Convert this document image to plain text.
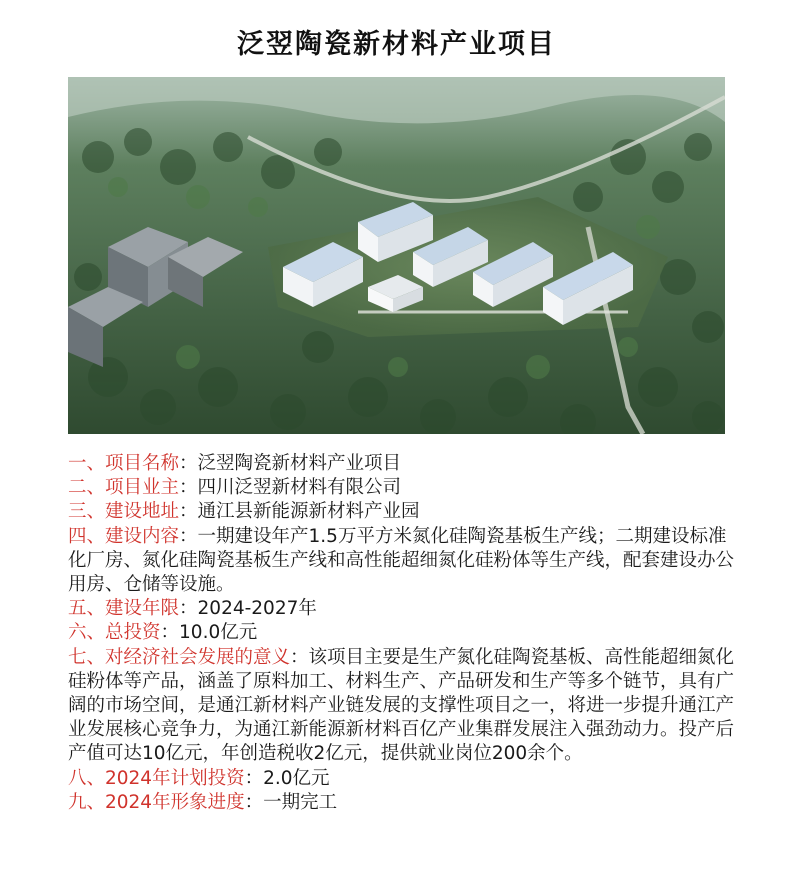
泛翌陶瓷新材料产业项目

一、项目名称：泛翌陶瓷新材料产业项目

二、项目业主：四川泛翌新材料有限公司

三、建设地址：通江县新能源新材料产业园

四、建设内容：一期建设年产1.5万平方米氮化硅陶瓷基板生产线；二期建设标准化厂房、氮化硅陶瓷基板生产线和高性能超细氮化硅粉体等生产线，配套建设办公用房、仓储等设施。

五、建设年限：2024-2027年

六、总投资：10.0亿元

七、对经济社会发展的意义：该项目主要是生产氮化硅陶瓷基板、高性能超细氮化硅粉体等产品，涵盖了原料加工、材料生产、产品研发和生产等多个链节，具有广阔的市场空间，是通江新材料产业链发展的支撑性项目之一，将进一步提升通江产业发展核心竞争力，为通江新能源新材料百亿产业集群发展注入强劲动力。投产后产值可达10亿元，年创造税收2亿元，提供就业岗位200余个。

八、2024年计划投资：2.0亿元

九、2024年形象进度：一期完工
